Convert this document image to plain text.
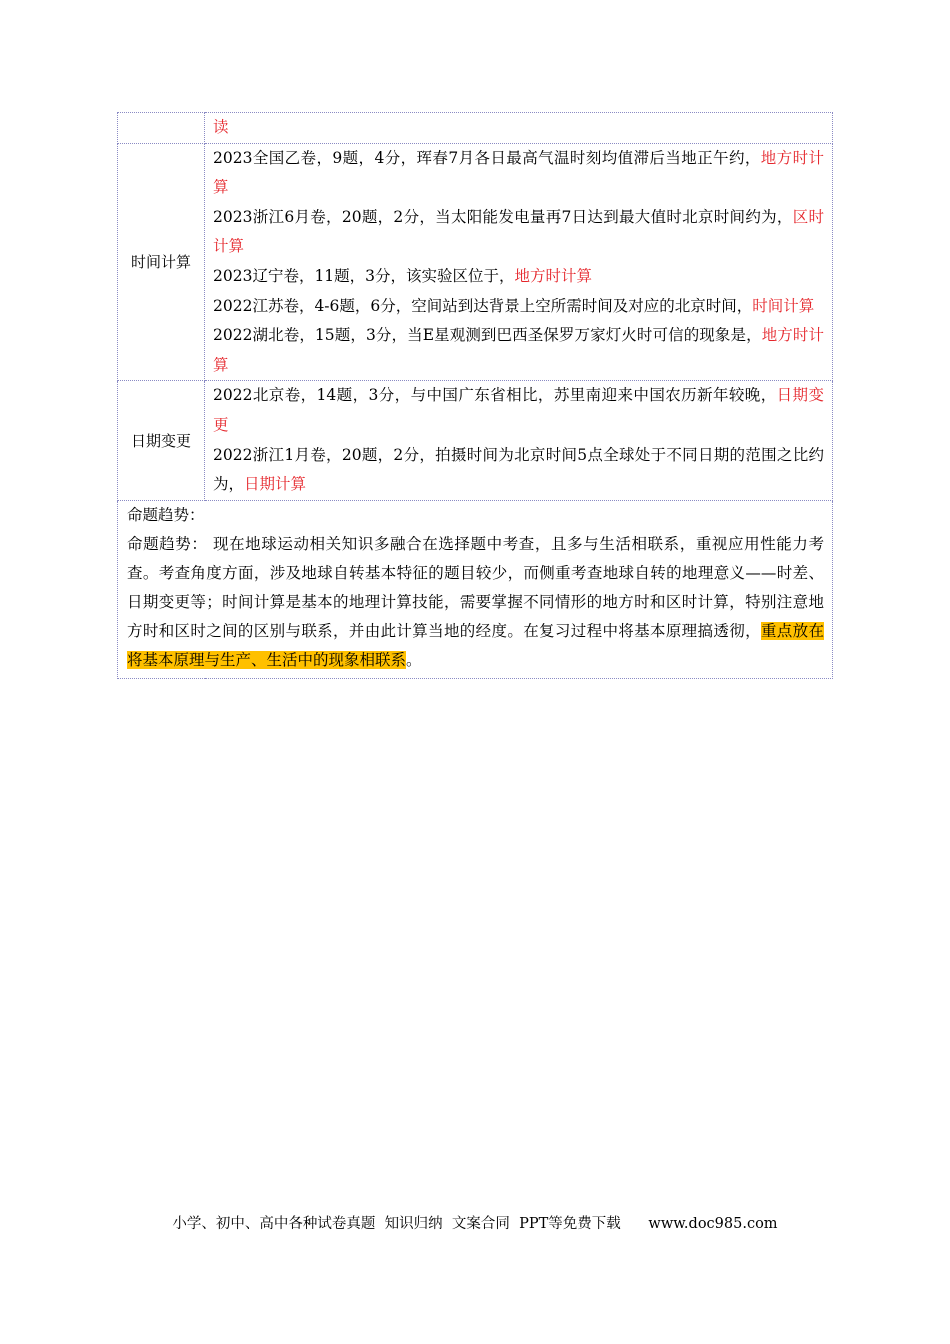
	读

时间计算	2023全国乙卷，9题，4分，珲春7月各日最高气温时刻均值滞后当地正午约，地方时计算
2023浙江6月卷，20题，2分，当太阳能发电量再7日达到最大值时北京时间约为，区时计算
2023辽宁卷，11题，3分，该实验区位于，地方时计算
2022江苏卷，4-6题，6分，空间站到达背景上空所需时间及对应的北京时间，时间计算
2022湖北卷，15题，3分，当E星观测到巴西圣保罗万家灯火时可信的现象是，地方时计算

日期变更	2022北京卷，14题，3分，与中国广东省相比，苏里南迎来中国农历新年较晚，日期变更
2022浙江1月卷，20题，2分，拍摄时间为北京时间5点全球处于不同日期的范围之比约为，日期计算

命题趋势：
命题趋势： 现在地球运动相关知识多融合在选择题中考查，且多与生活相联系，重视应用性能力考查。考查角度方面，涉及地球自转基本特征的题目较少，而侧重考查地球自转的地理意义——时差、日期变更等；时间计算是基本的地理计算技能，需要掌握不同情形的地方时和区时计算，特别注意地方时和区时之间的区别与联系，并由此计算当地的经度。在复习过程中将基本原理搞透彻，重点放在将基本原理与生产、生活中的现象相联系。	
小学、初中、高中各种试卷真题  知识归纳  文案合同  PPT等免费下载      www.doc985.com
